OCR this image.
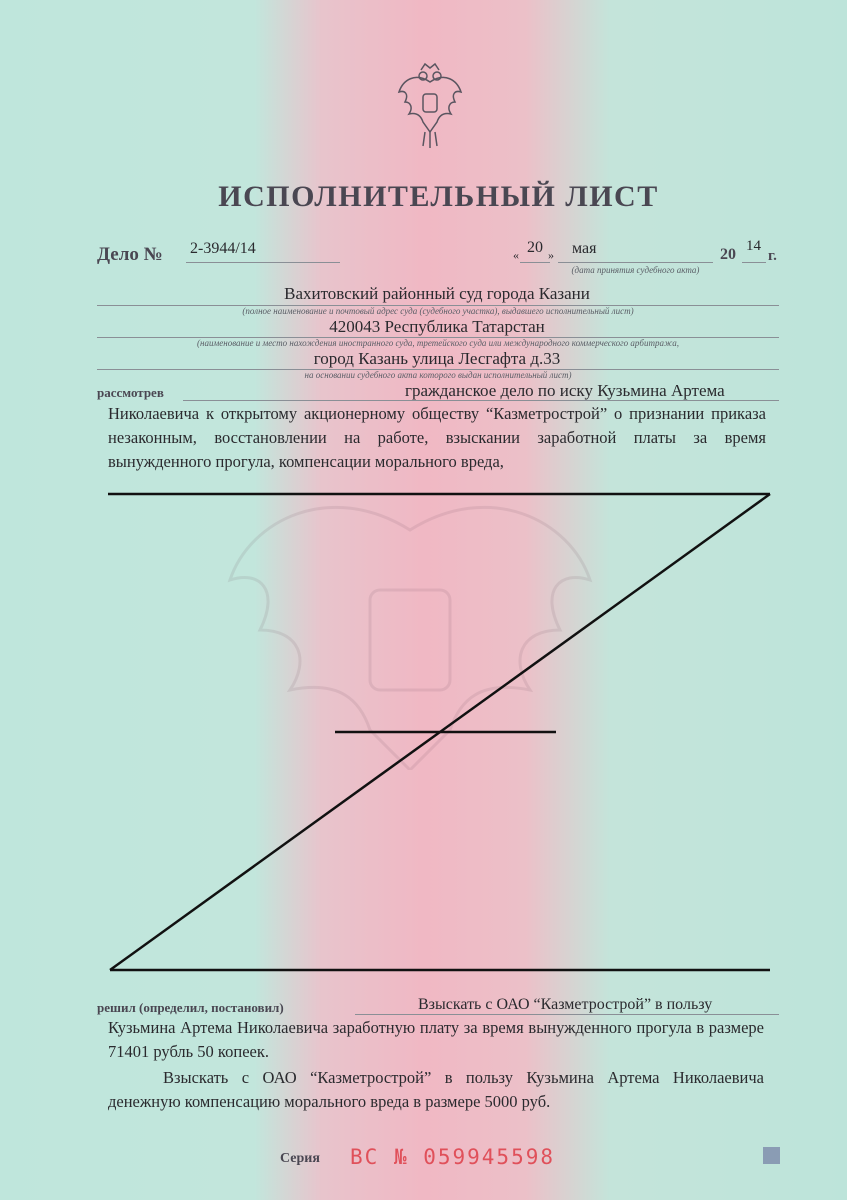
ИСПОЛНИТЕЛЬНЫЙ ЛИСТ
Дело № 2-3944/14	« 20 » мая
(дата принятия судебного акта)
20 14
г.
Вахитовский районный суд города Казани
(полное наименование и почтовый адрес суда (судебного участка), выдавшего исполнительный лист)
420043 Республика Татарстан
(наименование и место нахождения иностранного суда, третейского суда или международного коммерческого арбитража,
город Казань улица Лесгафта д.33
на основании судебного акта которого выдан исполнительный лист)
рассмотрев	гражданское дело по иску Кузьмина Артема
Николаевича к открытому акционерному обществу “Казметрострой” о признании приказа незаконным, восстановлении на работе, взыскании заработной платы за время вынужденного прогула, компенсации морального вреда,
решил (определил, постановил)	Взыскать с ОАО “Казметрострой” в пользу
Кузьмина Артема Николаевича заработную плату за время вынужденного прогула в размере 71401 рубль 50 копеек.
Взыскать с ОАО “Казметрострой” в пользу Кузьмина Артема Николаевича денежную компенсацию морального вреда в размере 5000 руб.
Серия ВС № 059945598
